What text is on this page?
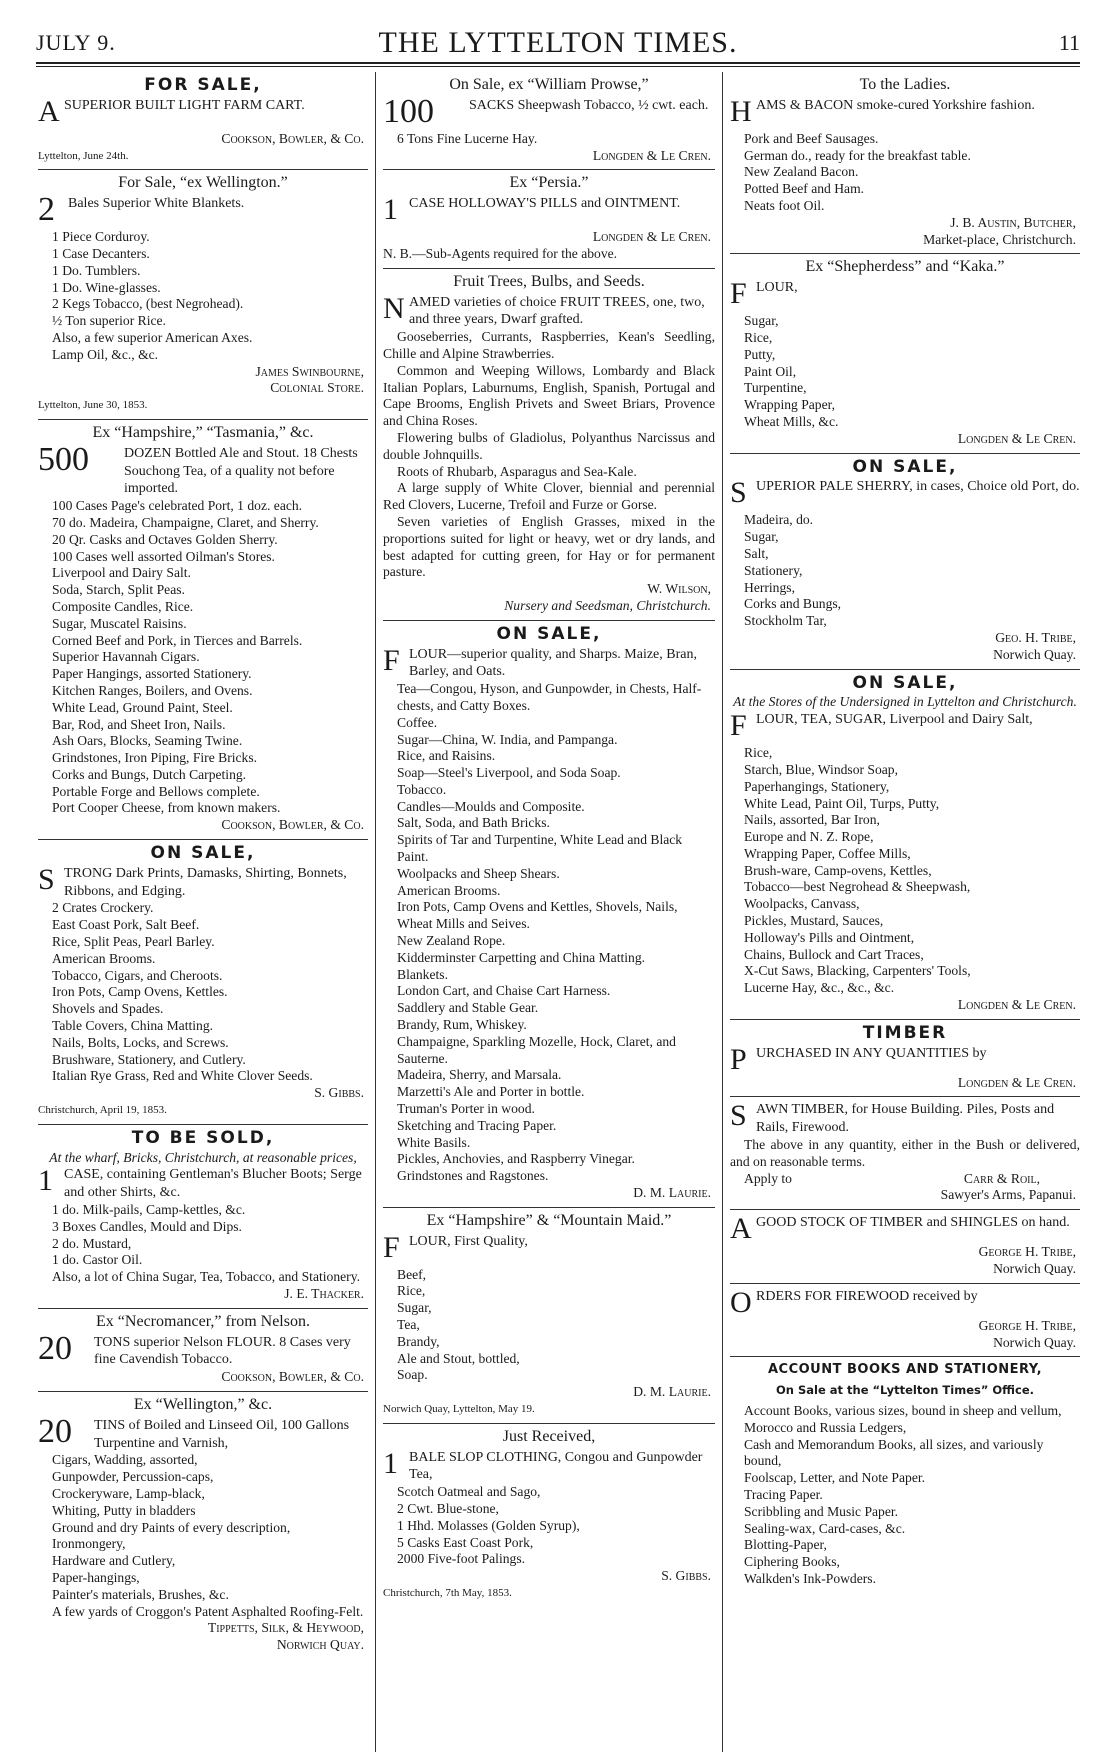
JULY 9.	THE LYTTELTON TIMES.	11
FOR SALE,
A SUPERIOR BUILT LIGHT FARM CART.
Cookson, Bowler, & Co.
Lyttelton, June 24th.
For Sale, “ex Wellington.”
2 Bales Superior White Blankets.
1 Piece Corduroy.
1 Case Decanters.
1 Do. Tumblers.
1 Do. Wine-glasses.
2 Kegs Tobacco, (best Negrohead).
½ Ton superior Rice.
Also, a few superior American Axes.
Lamp Oil, &c., &c.
James Swinbourne,
Colonial Store.
Lyttelton, June 30, 1853.
Ex “Hampshire,” “Tasmania,” &c.
500	DOZEN Bottled Ale and Stout. 18 Chests Souchong Tea, of a quality not before imported.
100 Cases Page's celebrated Port, 1 doz. each.
70 do. Madeira, Champaigne, Claret, and Sherry.
20 Qr. Casks and Octaves Golden Sherry.
100 Cases well assorted Oilman's Stores.
Liverpool and Dairy Salt.
Soda, Starch, Split Peas.
Composite Candles, Rice.
Sugar, Muscatel Raisins.
Corned Beef and Pork, in Tierces and Barrels.
Superior Havannah Cigars.
Paper Hangings, assorted Stationery.
Kitchen Ranges, Boilers, and Ovens.
White Lead, Ground Paint, Steel.
Bar, Rod, and Sheet Iron, Nails.
Ash Oars, Blocks, Seaming Twine.
Grindstones, Iron Piping, Fire Bricks.
Corks and Bungs, Dutch Carpeting.
Portable Forge and Bellows complete.
Port Cooper Cheese, from known makers.
Cookson, Bowler, & Co.
ON SALE,
S TRONG Dark Prints, Damasks, Shirting, Bonnets, Ribbons, and Edging.
2 Crates Crockery.
East Coast Pork, Salt Beef.
Rice, Split Peas, Pearl Barley.
American Brooms.
Tobacco, Cigars, and Cheroots.
Iron Pots, Camp Ovens, Kettles.
Shovels and Spades.
Table Covers, China Matting.
Nails, Bolts, Locks, and Screws.
Brushware, Stationery, and Cutlery.
Italian Rye Grass, Red and White Clover Seeds.
S. Gibbs.
Christchurch, April 19, 1853.
TO BE SOLD,
At the wharf, Bricks, Christchurch, at reasonable prices,
1 CASE, containing Gentleman's Blucher Boots; Serge and other Shirts, &c.
1 do. Milk-pails, Camp-kettles, &c.
3 Boxes Candles, Mould and Dips.
2 do. Mustard,
1 do. Castor Oil.
Also, a lot of China Sugar, Tea, Tobacco, and Stationery.
J. E. Thacker.
Ex “Necromancer,” from Nelson.
20 TONS superior Nelson FLOUR. 8 Cases very fine Cavendish Tobacco.
Cookson, Bowler, & Co.
Ex “Wellington,” &c.
20 TINS of Boiled and Linseed Oil, 100 Gallons Turpentine and Varnish,
Cigars, Wadding, assorted,
Gunpowder, Percussion-caps,
Crockeryware, Lamp-black,
Whiting, Putty in bladders
Ground and dry Paints of every description,
Ironmongery,
Hardware and Cutlery,
Paper-hangings,
Painter's materials, Brushes, &c.
A few yards of Croggon's Patent Asphalted Roofing-Felt.
Tippetts, Silk, & Heywood,
Norwich Quay.
On Sale, ex “William Prowse,”
100	SACKS Sheepwash Tobacco, ½ cwt. each.
6 Tons Fine Lucerne Hay.
Longden & Le Cren.
Ex “Persia.”
1 CASE HOLLOWAY'S PILLS and OINTMENT.
Longden & Le Cren.
N. B.—Sub-Agents required for the above.
Fruit Trees, Bulbs, and Seeds.
N AMED varieties of choice FRUIT TREES, one, two, and three years, Dwarf grafted.
Gooseberries, Currants, Raspberries, Kean's Seedling, Chille and Alpine Strawberries.
Common and Weeping Willows, Lombardy and Black Italian Poplars, Laburnums, English, Spanish, Portugal and Cape Brooms, English Privets and Sweet Briars, Provence and China Roses.
Flowering bulbs of Gladiolus, Polyanthus Narcissus and double Johnquills.
Roots of Rhubarb, Asparagus and Sea-Kale.
A large supply of White Clover, biennial and perennial Red Clovers, Lucerne, Trefoil and Furze or Gorse.
Seven varieties of English Grasses, mixed in the proportions suited for light or heavy, wet or dry lands, and best adapted for cutting green, for Hay or for permanent pasture.
W. Wilson,
Nursery and Seedsman, Christchurch.
ON SALE,
F LOUR—superior quality, and Sharps. Maize, Bran, Barley, and Oats.
Tea—Congou, Hyson, and Gunpowder, in Chests, Half-chests, and Catty Boxes.
Coffee.
Sugar—China, W. India, and Pampanga.
Rice, and Raisins.
Soap—Steel's Liverpool, and Soda Soap.
Tobacco.
Candles—Moulds and Composite.
Salt, Soda, and Bath Bricks.
Spirits of Tar and Turpentine, White Lead and Black Paint.
Woolpacks and Sheep Shears.
American Brooms.
Iron Pots, Camp Ovens and Kettles, Shovels, Nails, Wheat Mills and Seives.
New Zealand Rope.
Kidderminster Carpetting and China Matting.
Blankets.
London Cart, and Chaise Cart Harness.
Saddlery and Stable Gear.
Brandy, Rum, Whiskey.
Champaigne, Sparkling Mozelle, Hock, Claret, and Sauterne.
Madeira, Sherry, and Marsala.
Marzetti's Ale and Porter in bottle.
Truman's Porter in wood.
Sketching and Tracing Paper.
White Basils.
Pickles, Anchovies, and Raspberry Vinegar.
Grindstones and Ragstones.
D. M. Laurie.
Ex “Hampshire” & “Mountain Maid.”
F LOUR, First Quality,
Beef,
Rice,
Sugar,
Tea,
Brandy,
Ale and Stout, bottled,
Soap.
D. M. Laurie.
Norwich Quay, Lyttelton, May 19.
Just Received,
1 BALE SLOP CLOTHING, Congou and Gunpowder Tea,
Scotch Oatmeal and Sago,
2 Cwt. Blue-stone,
1 Hhd. Molasses (Golden Syrup),
5 Casks East Coast Pork,
2000 Five-foot Palings.
S. Gibbs.
Christchurch, 7th May, 1853.
To the Ladies.
H AMS & BACON smoke-cured Yorkshire fashion.
Pork and Beef Sausages.
German do., ready for the breakfast table.
New Zealand Bacon.
Potted Beef and Ham.
Neats foot Oil.
J. B. Austin, Butcher,
Market-place, Christchurch.
Ex “Shepherdess” and “Kaka.”
F LOUR,
Sugar,
Rice,
Putty,
Paint Oil,
Turpentine,
Wrapping Paper,
Wheat Mills, &c.
Longden & Le Cren.
ON SALE,
S UPERIOR PALE SHERRY, in cases, Choice old Port, do.
Madeira, do.
Sugar,
Salt,
Stationery,
Herrings,
Corks and Bungs,
Stockholm Tar,
Geo. H. Tribe,
Norwich Quay.
ON SALE,
At the Stores of the Undersigned in Lyttelton and Christchurch.
F LOUR, TEA, SUGAR, Liverpool and Dairy Salt,
Rice,
Starch, Blue, Windsor Soap,
Paperhangings, Stationery,
White Lead, Paint Oil, Turps, Putty,
Nails, assorted, Bar Iron,
Europe and N. Z. Rope,
Wrapping Paper, Coffee Mills,
Brush-ware, Camp-ovens, Kettles,
Tobacco—best Negrohead & Sheepwash,
Woolpacks, Canvass,
Pickles, Mustard, Sauces,
Holloway's Pills and Ointment,
Chains, Bullock and Cart Traces,
X-Cut Saws, Blacking, Carpenters' Tools,
Lucerne Hay, &c., &c., &c.
Longden & Le Cren.
TIMBER
P URCHASED IN ANY QUANTITIES by
Longden & Le Cren.
S AWN TIMBER, for House Building. Piles, Posts and Rails, Firewood.
The above in any quantity, either in the Bush or delivered, and on reasonable terms.
Apply to	Carr & Roil,
Sawyer's Arms, Papanui.
A GOOD STOCK OF TIMBER and SHINGLES on hand.
George H. Tribe,
Norwich Quay.
O RDERS FOR FIREWOOD received by
George H. Tribe,
Norwich Quay.
ACCOUNT BOOKS AND STATIONERY,
On Sale at the “Lyttelton Times” Office.
Account Books, various sizes, bound in sheep and vellum,
Morocco and Russia Ledgers,
Cash and Memorandum Books, all sizes, and variously bound,
Foolscap, Letter, and Note Paper.
Tracing Paper.
Scribbling and Music Paper.
Sealing-wax, Card-cases, &c.
Blotting-Paper,
Ciphering Books,
Walkden's Ink-Powders.
